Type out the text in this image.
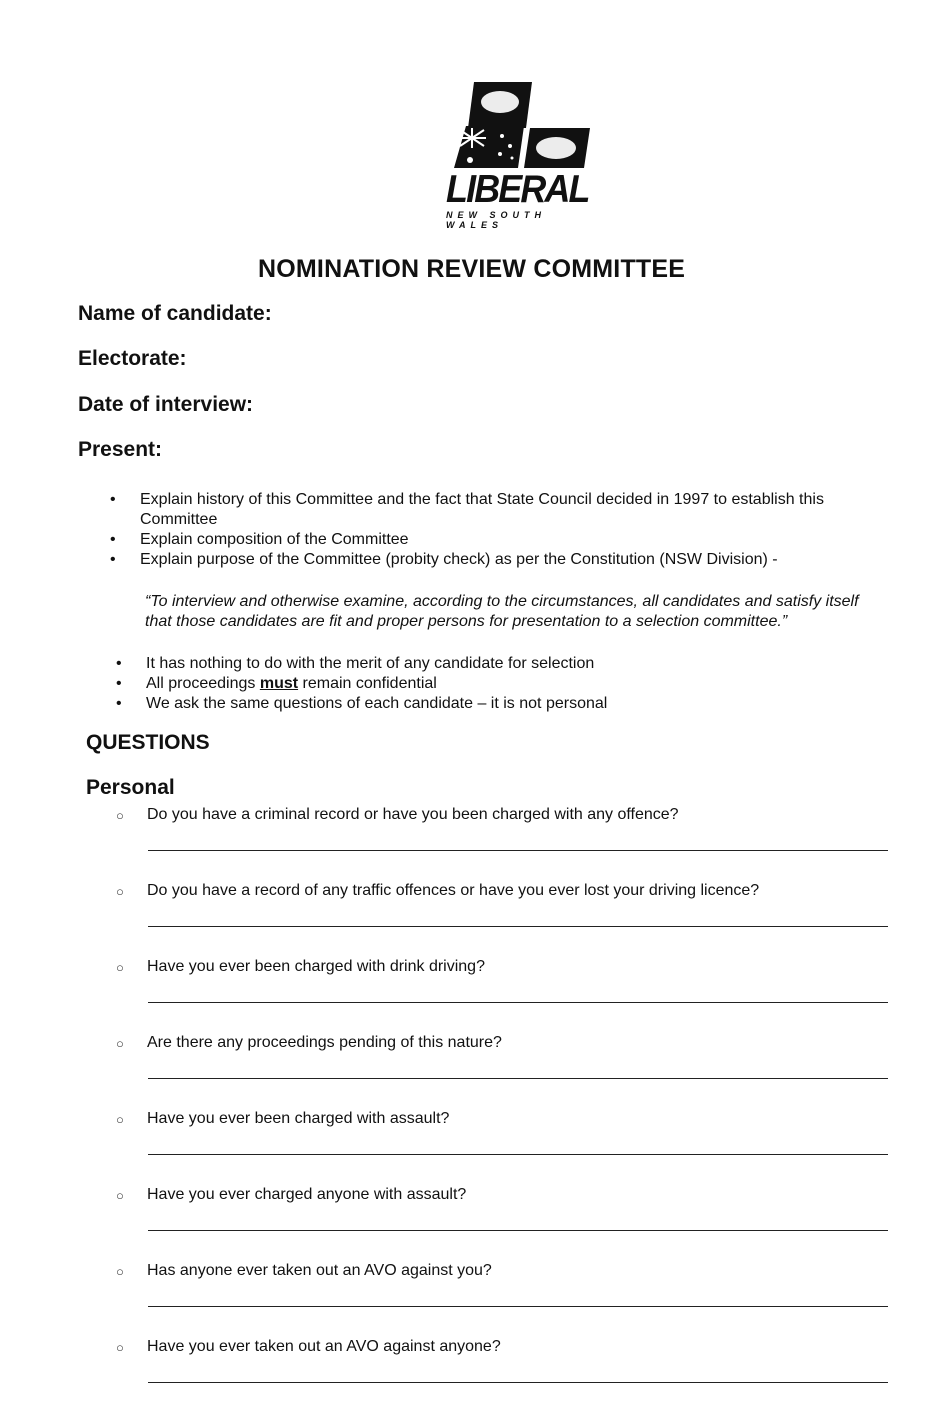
LIBERAL
NEW SOUTH WALES
NOMINATION REVIEW COMMITTEE
Name of candidate:
Electorate:
Date of interview:
Present:
• Explain history of this Committee and the fact that State Council decided in 1997 to establish this Committee
• Explain composition of the Committee
• Explain purpose of the Committee (probity check) as per the Constitution (NSW Division) -
“To interview and otherwise examine, according to the circumstances, all candidates and satisfy itself that those candidates are fit and proper persons for presentation to a selection committee.”
• It has nothing to do with the merit of any candidate for selection
• All proceedings must remain confidential
• We ask the same questions of each candidate – it is not personal
QUESTIONS
Personal
○ Do you have a criminal record or have you been charged with any offence?
○ Do you have a record of any traffic offences or have you ever lost your driving licence?
○ Have you ever been charged with drink driving?
○ Are there any proceedings pending of this nature?
○ Have you ever been charged with assault?
○ Have you ever charged anyone with assault?
○ Has anyone ever taken out an AVO against you?
○ Have you ever taken out an AVO against anyone?
